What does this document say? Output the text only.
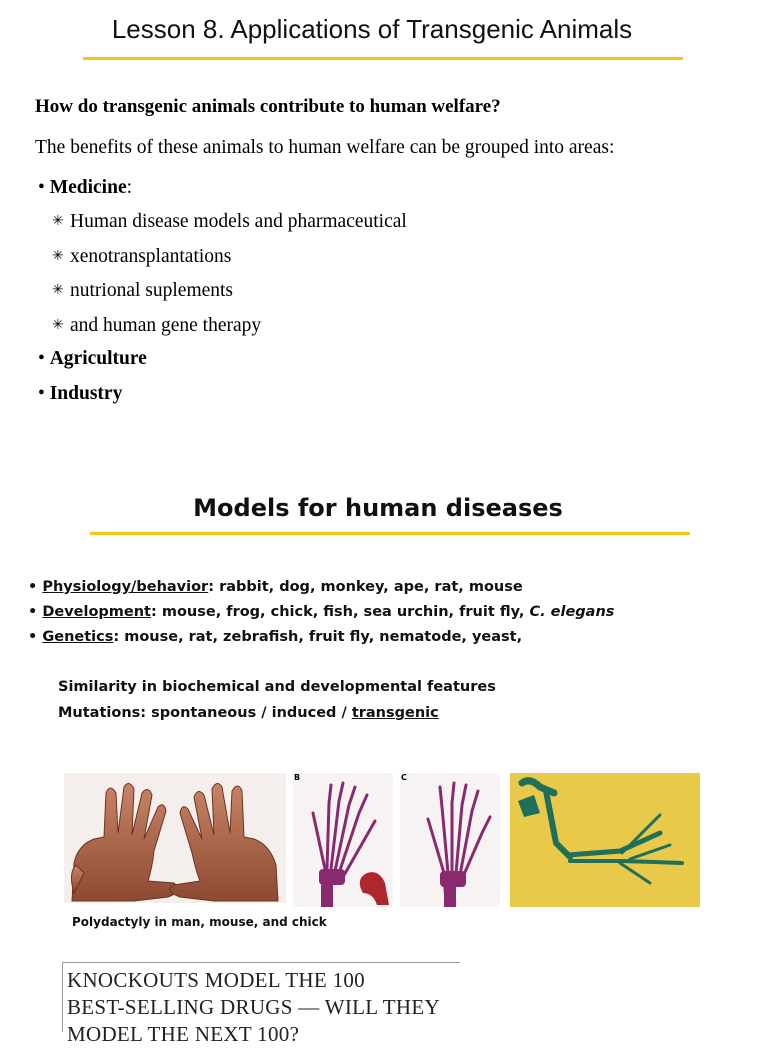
Lesson 8. Applications of Transgenic Animals
How do transgenic animals contribute to human welfare?
The benefits of these animals to human welfare can be grouped into areas:
• Medicine:
✳ Human disease models and pharmaceutical
✳ xenotransplantations
✳ nutrional suplements
✳ and human gene therapy
• Agriculture
• Industry
Models for human diseases
• Physiology/behavior: rabbit, dog, monkey, ape, rat, mouse
• Development: mouse, frog, chick, fish, sea urchin, fruit fly, C. elegans
• Genetics: mouse, rat, zebrafish, fruit fly, nematode, yeast,
Similarity in biochemical and developmental features
Mutations: spontaneous / induced / transgenic
B	C
Polydactyly in man, mouse, and chick
KNOCKOUTS MODEL THE 100
BEST-SELLING DRUGS — WILL THEY
MODEL THE NEXT 100?
